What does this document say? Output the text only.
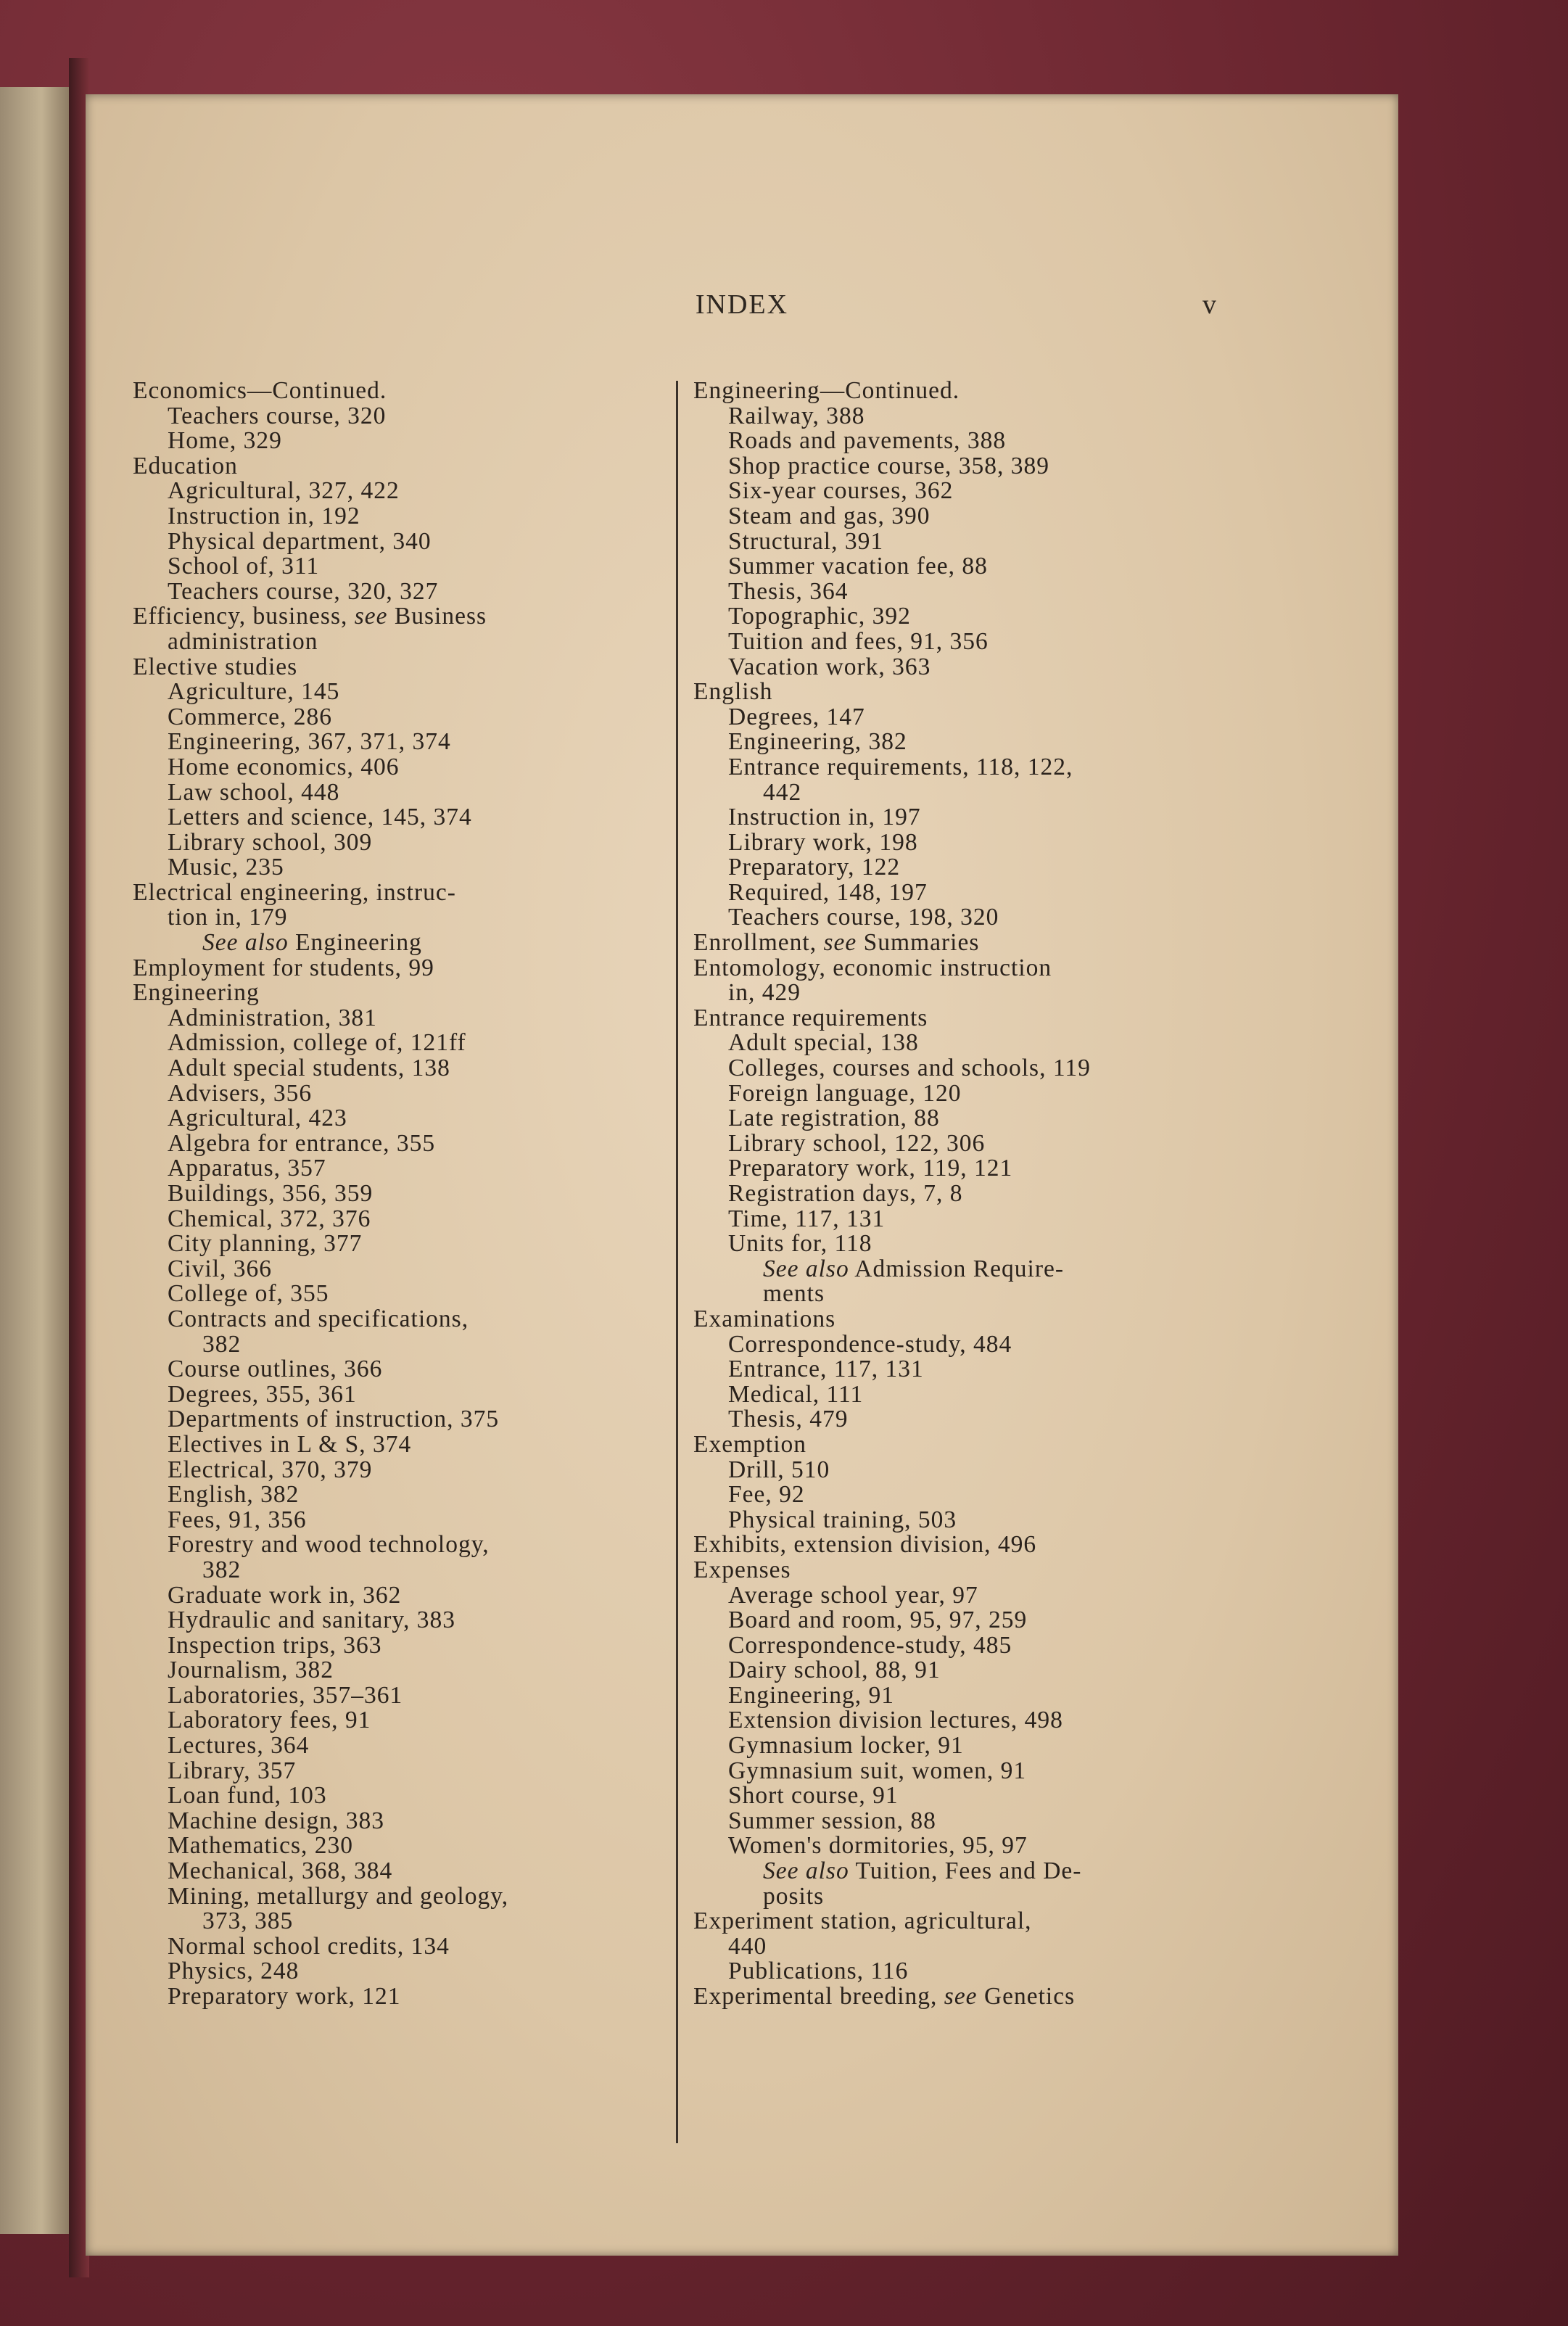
INDEX	v
Economics—Continued.
Teachers course, 320
Home, 329
Education
Agricultural, 327, 422
Instruction in, 192
Physical department, 340
School of, 311
Teachers course, 320, 327
Efficiency, business, see Business
administration
Elective studies
Agriculture, 145
Commerce, 286
Engineering, 367, 371, 374
Home economics, 406
Law school, 448
Letters and science, 145, 374
Library school, 309
Music, 235
Electrical engineering, instruc-
tion in, 179
See also Engineering
Employment for students, 99
Engineering
Administration, 381
Admission, college of, 121ff
Adult special students, 138
Advisers, 356
Agricultural, 423
Algebra for entrance, 355
Apparatus, 357
Buildings, 356, 359
Chemical, 372, 376
City planning, 377
Civil, 366
College of, 355
Contracts and specifications,
382
Course outlines, 366
Degrees, 355, 361
Departments of instruction, 375
Electives in L & S, 374
Electrical, 370, 379
English, 382
Fees, 91, 356
Forestry and wood technology,
382
Graduate work in, 362
Hydraulic and sanitary, 383
Inspection trips, 363
Journalism, 382
Laboratories, 357–361
Laboratory fees, 91
Lectures, 364
Library, 357
Loan fund, 103
Machine design, 383
Mathematics, 230
Mechanical, 368, 384
Mining, metallurgy and geology,
373, 385
Normal school credits, 134
Physics, 248
Preparatory work, 121
Engineering—Continued.
Railway, 388
Roads and pavements, 388
Shop practice course, 358, 389
Six-year courses, 362
Steam and gas, 390
Structural, 391
Summer vacation fee, 88
Thesis, 364
Topographic, 392
Tuition and fees, 91, 356
Vacation work, 363
English
Degrees, 147
Engineering, 382
Entrance requirements, 118, 122,
442
Instruction in, 197
Library work, 198
Preparatory, 122
Required, 148, 197
Teachers course, 198, 320
Enrollment, see Summaries
Entomology, economic instruction
in, 429
Entrance requirements
Adult special, 138
Colleges, courses and schools, 119
Foreign language, 120
Late registration, 88
Library school, 122, 306
Preparatory work, 119, 121
Registration days, 7, 8
Time, 117, 131
Units for, 118
See also Admission Require-
ments
Examinations
Correspondence-study, 484
Entrance, 117, 131
Medical, 111
Thesis, 479
Exemption
Drill, 510
Fee, 92
Physical training, 503
Exhibits, extension division, 496
Expenses
Average school year, 97
Board and room, 95, 97, 259
Correspondence-study, 485
Dairy school, 88, 91
Engineering, 91
Extension division lectures, 498
Gymnasium locker, 91
Gymnasium suit, women, 91
Short course, 91
Summer session, 88
Women's dormitories, 95, 97
See also Tuition, Fees and De-
posits
Experiment station, agricultural,
440
Publications, 116
Experimental breeding, see Genetics
